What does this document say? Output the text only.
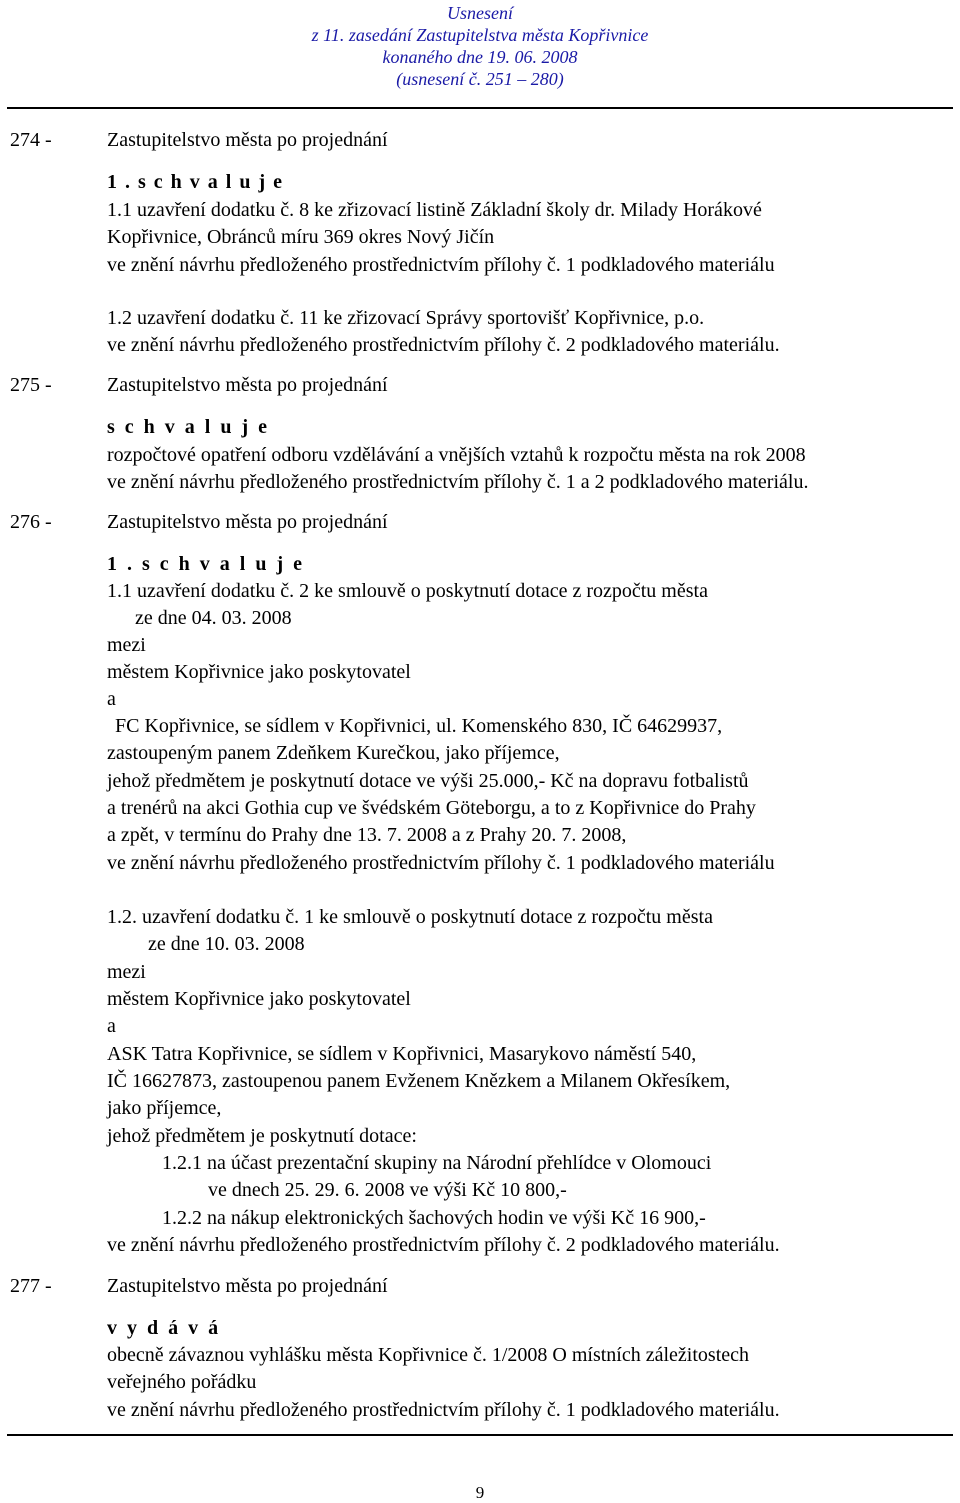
Usnesení
z 11. zasedání Zastupitelstva města Kopřivnice
konaného dne 19. 06. 2008
(usnesení č. 251 – 280)
274 -	Zastupitelstvo města po projednání
1 . s c h v a l u j e
1.1 uzavření dodatku č. 8 ke zřizovací listině Základní školy dr. Milady Horákové
Kopřivnice, Obránců míru 369 okres Nový Jičín
ve znění návrhu předloženého prostřednictvím přílohy č. 1 podkladového materiálu
1.2 uzavření dodatku č. 11 ke zřizovací Správy sportovišť Kopřivnice, p.o.
ve znění návrhu předloženého prostřednictvím přílohy č. 2 podkladového materiálu.
275 -	Zastupitelstvo města po projednání
s c h v a l u j e
rozpočtové opatření odboru vzdělávání a vnějších vztahů k rozpočtu města na rok 2008
ve znění návrhu předloženého prostřednictvím přílohy č. 1 a 2 podkladového materiálu.
276 -	Zastupitelstvo města po projednání
1 . s c h v a l u j e
1.1 uzavření dodatku č. 2 ke smlouvě o poskytnutí dotace z rozpočtu města
ze dne 04. 03. 2008
mezi
městem Kopřivnice jako poskytovatel
a
FC Kopřivnice, se sídlem v Kopřivnici, ul. Komenského 830, IČ 64629937,
zastoupeným panem Zdeňkem Kurečkou, jako příjemce,
jehož předmětem je poskytnutí dotace ve výši 25.000,- Kč na dopravu fotbalistů
a trenérů na akci Gothia cup ve švédském Göteborgu, a to z Kopřivnice do Prahy
a zpět, v termínu do Prahy dne 13. 7. 2008 a z Prahy 20. 7. 2008,
ve znění návrhu předloženého prostřednictvím přílohy č. 1 podkladového materiálu
1.2. uzavření dodatku č. 1 ke smlouvě o poskytnutí dotace z rozpočtu města
ze dne 10. 03. 2008
mezi
městem Kopřivnice jako poskytovatel
a
ASK Tatra Kopřivnice, se sídlem v Kopřivnici, Masarykovo náměstí 540,
IČ 16627873, zastoupenou panem Evženem Knězkem a Milanem Okřesíkem,
jako příjemce,
jehož předmětem je poskytnutí dotace:
1.2.1 na účast prezentační skupiny na Národní přehlídce v Olomouci
ve dnech 25. 29. 6. 2008 ve výši Kč 10 800,-
1.2.2 na nákup elektronických šachových hodin ve výši Kč 16 900,-
ve znění návrhu předloženého prostřednictvím přílohy č. 2 podkladového materiálu.
277 -	Zastupitelstvo města po projednání
v y d á v á
obecně závaznou vyhlášku města Kopřivnice č. 1/2008 O místních záležitostech
veřejného pořádku
ve znění návrhu předloženého prostřednictvím přílohy č. 1 podkladového materiálu.
9
